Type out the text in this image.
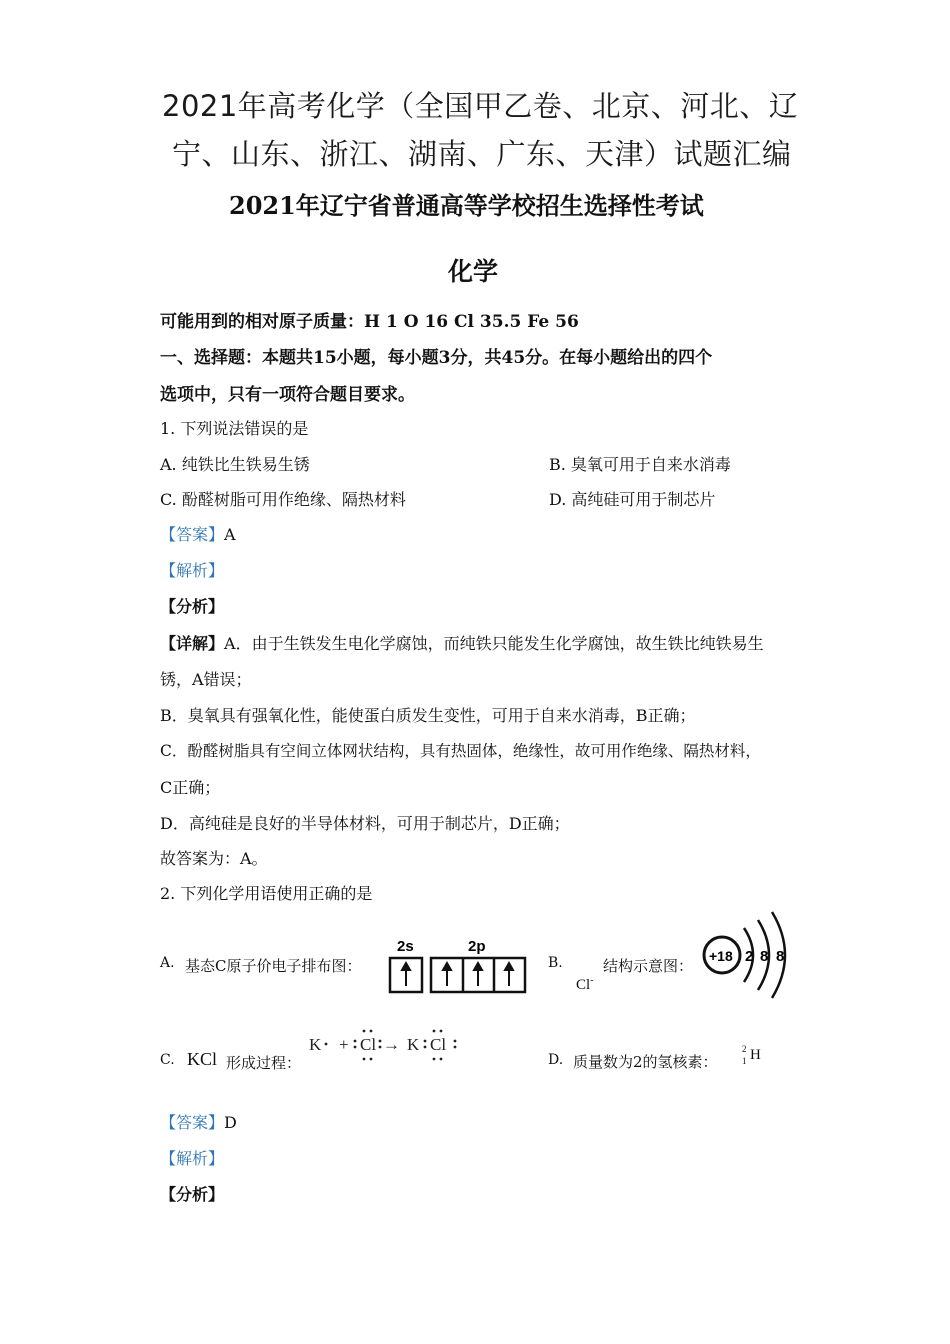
2021年高考化学（全国甲乙卷、北京、河北、辽
宁、山东、浙江、湖南、广东、天津）试题汇编
2021年辽宁省普通高等学校招生选择性考试
化学
可能用到的相对原子质量：H 1 O 16 Cl 35.5 Fe 56
一、选择题：本题共15小题，每小题3分，共45分。在每小题给出的四个
选项中，只有一项符合题目要求。
1. 下列说法错误的是
A. 纯铁比生铁易生锈	B. 臭氧可用于自来水消毒
C. 酚醛树脂可用作绝缘、隔热材料	D. 高纯硅可用于制芯片
【答案】A
【解析】
【分析】
【详解】A．由于生铁发生电化学腐蚀，而纯铁只能发生化学腐蚀，故生铁比纯铁易生
锈，A错误；
B．臭氧具有强氧化性，能使蛋白质发生变性，可用于自来水消毒，B正确；
C．酚醛树脂具有空间立体网状结构，具有热固体，绝缘性，故可用作绝缘、隔热材料，
C正确；
D．高纯硅是良好的半导体材料，可用于制芯片，D正确；
故答案为：A。
2. 下列化学用语使用正确的是
A. 基态C原子价电子排布图：
2s	2p
B.
Cl-
结构示意图：
+18 2 8 8
C. KCl 形成过程：
K + Cl → K Cl
D. 质量数为2的氢核素：
2
1 H
【答案】D
【解析】
【分析】
